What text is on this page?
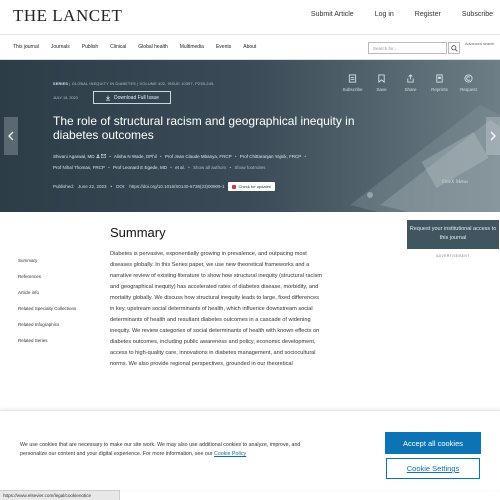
THE LANCET	Submit Article	Log in	Register	Subscribe
This journal Journals Publish Clinical Global health Multimedia Events About	Search for...
Advanced search
SERIES | GLOBAL INEQUITY IN DIABETES | VOLUME 402, ISSUE 10397, P235-249,
JULY 15, 2023	Download Full Issue
Subscribe	Save	Share	Reprints	Request
The role of structural racism and geographical inequity in diabetes outcomes
Shivani Agarwal, MD	• Alisha N Wade, DPhil • Prof Jean Claude Mbanya, FRCP • Prof Chittaranjan Yajnik, FRCP •
Prof Nihal Thomas, FRCP • Prof Leonard E Egede, MD • et al. • Show all authors • Show footnotes
Published: June 22, 2023 • DOI: https://doi.org/10.1016/S0140-6736(23)00909-1	Check for updates
FineX Metus
Summary
References
Article info
Related Specialty Collections
Related Infographics
Related Series
Summary
Diabetes is pervasive, exponentially growing in prevalence, and outpacing most diseases globally. In this Series paper, we use new theoretical frameworks and a narrative review of existing literature to show how structural inequity (structural racism and geographical inequity) has accelerated rates of diabetes disease, morbidity, and mortality globally. We discuss how structural inequity leads to large, fixed differences in key, upstream social determinants of health, which influence downstream social determinants of health and resultant diabetes outcomes in a cascade of widening inequity. We review categories of social determinants of health with known effects on diabetes outcomes, including public awareness and policy, economic development, access to high-quality care, innovations in diabetes management, and sociocultural norms. We also provide regional perspectives, grounded in our theoretical
Request your institutional access to this journal
ADVERTISEMENT
We use cookies that are necessary to make our site work. We may also use additional cookies to analyze, improve, and personalize our content and your digital experience. For more information, see our Cookie Policy
Accept all cookies
Cookie Settings
https://www.elsevier.com/legal/cookienotice
